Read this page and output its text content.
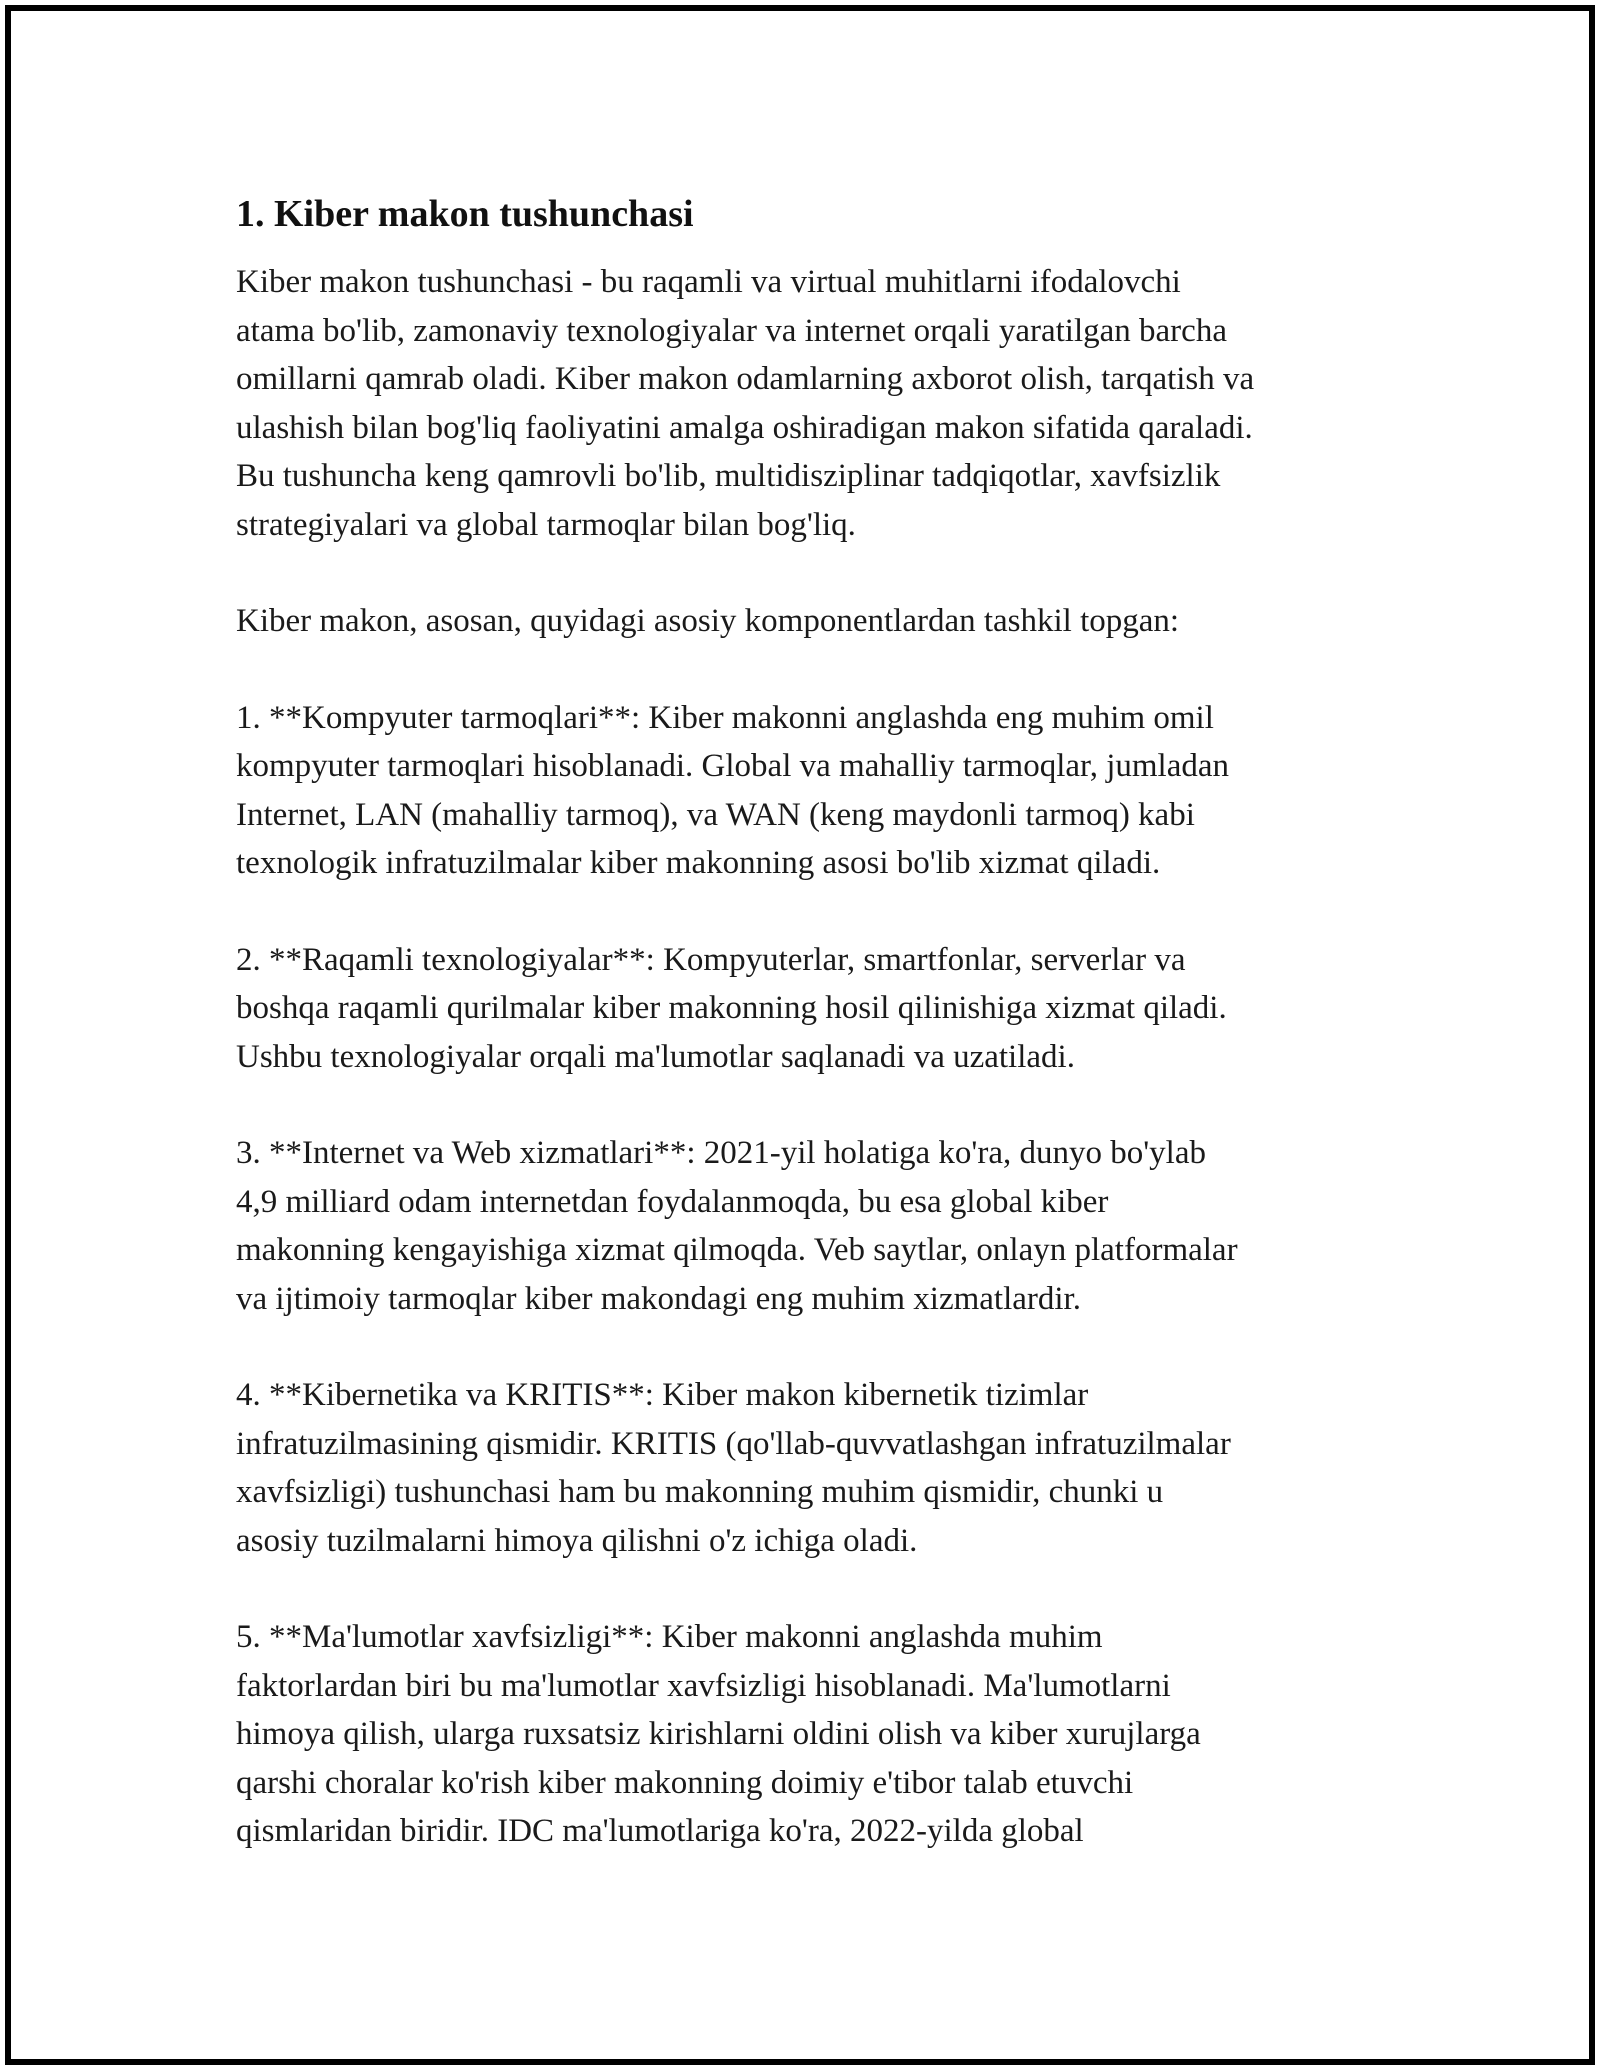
1. Kiber makon tushunchasi

Kiber makon tushunchasi - bu raqamli va virtual muhitlarni ifodalovchi
atama bo'lib, zamonaviy texnologiyalar va internet orqali yaratilgan barcha
omillarni qamrab oladi. Kiber makon odamlarning axborot olish, tarqatish va
ulashish bilan bog'liq faoliyatini amalga oshiradigan makon sifatida qaraladi.
Bu tushuncha keng qamrovli bo'lib, multidisziplinar tadqiqotlar, xavfsizlik
strategiyalari va global tarmoqlar bilan bog'liq.

Kiber makon, asosan, quyidagi asosiy komponentlardan tashkil topgan:

1. **Kompyuter tarmoqlari**: Kiber makonni anglashda eng muhim omil
kompyuter tarmoqlari hisoblanadi. Global va mahalliy tarmoqlar, jumladan
Internet, LAN (mahalliy tarmoq), va WAN (keng maydonli tarmoq) kabi
texnologik infratuzilmalar kiber makonning asosi bo'lib xizmat qiladi.

2. **Raqamli texnologiyalar**: Kompyuterlar, smartfonlar, serverlar va
boshqa raqamli qurilmalar kiber makonning hosil qilinishiga xizmat qiladi.
Ushbu texnologiyalar orqali ma'lumotlar saqlanadi va uzatiladi.

3. **Internet va Web xizmatlari**: 2021-yil holatiga ko'ra, dunyo bo'ylab
4,9 milliard odam internetdan foydalanmoqda, bu esa global kiber
makonning kengayishiga xizmat qilmoqda. Veb saytlar, onlayn platformalar
va ijtimoiy tarmoqlar kiber makondagi eng muhim xizmatlardir.

4. **Kibernetika va KRITIS**: Kiber makon kibernetik tizimlar
infratuzilmasining qismidir. KRITIS (qo'llab-quvvatlashgan infratuzilmalar
xavfsizligi) tushunchasi ham bu makonning muhim qismidir, chunki u
asosiy tuzilmalarni himoya qilishni o'z ichiga oladi.

5. **Ma'lumotlar xavfsizligi**: Kiber makonni anglashda muhim
faktorlardan biri bu ma'lumotlar xavfsizligi hisoblanadi. Ma'lumotlarni
himoya qilish, ularga ruxsatsiz kirishlarni oldini olish va kiber xurujlarga
qarshi choralar ko'rish kiber makonning doimiy e'tibor talab etuvchi
qismlaridan biridir. IDC ma'lumotlariga ko'ra, 2022-yilda global
